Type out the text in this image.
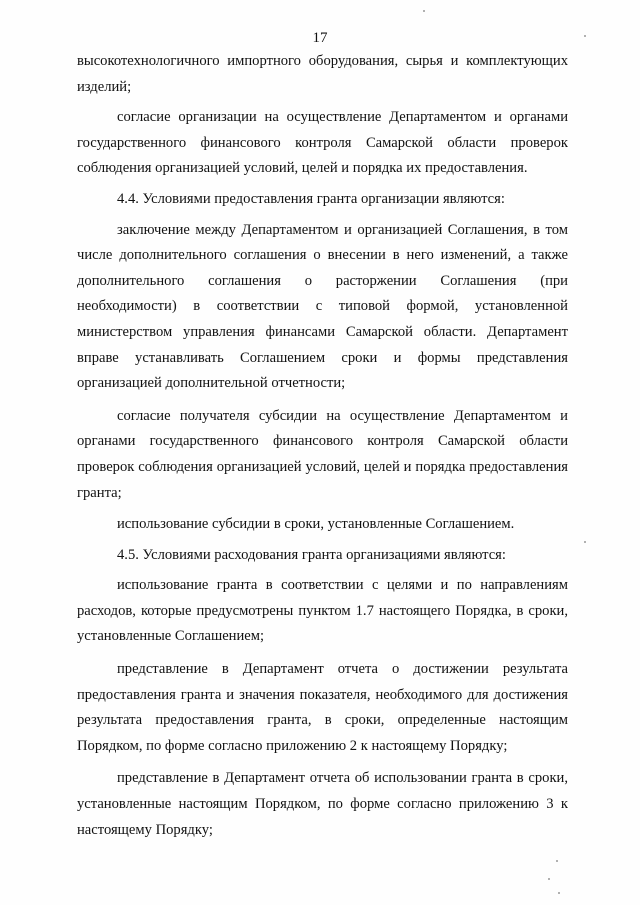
17

высокотехнологичного импортного оборудования, сырья и комплектующих изделий;

согласие организации на осуществление Департаментом и органами государственного финансового контроля Самарской области проверок соблюдения организацией условий, целей и порядка их предоставления.

4.4. Условиями предоставления гранта организации являются:

заключение между Департаментом и организацией Соглашения, в том числе дополнительного соглашения о внесении в него изменений, а также дополнительного соглашения о расторжении Соглашения (при необходимости) в соответствии с типовой формой, установленной министерством управления финансами Самарской области. Департамент вправе устанавливать Соглашением сроки и формы представления организацией дополнительной отчетности;

согласие получателя субсидии на осуществление Департаментом и органами государственного финансового контроля Самарской области проверок соблюдения организацией условий, целей и порядка предоставления гранта;

использование субсидии в сроки, установленные Соглашением.

4.5. Условиями расходования гранта организациями являются:

использование гранта в соответствии с целями и по направлениям расходов, которые предусмотрены пунктом 1.7 настоящего Порядка, в сроки, установленные Соглашением;

представление в Департамент отчета о достижении результата предоставления гранта и значения показателя, необходимого для достижения результата предоставления гранта, в сроки, определенные настоящим Порядком, по форме согласно приложению 2 к настоящему Порядку;

представление в Департамент отчета об использовании гранта в сроки, установленные настоящим Порядком, по форме согласно приложению 3 к настоящему Порядку;
